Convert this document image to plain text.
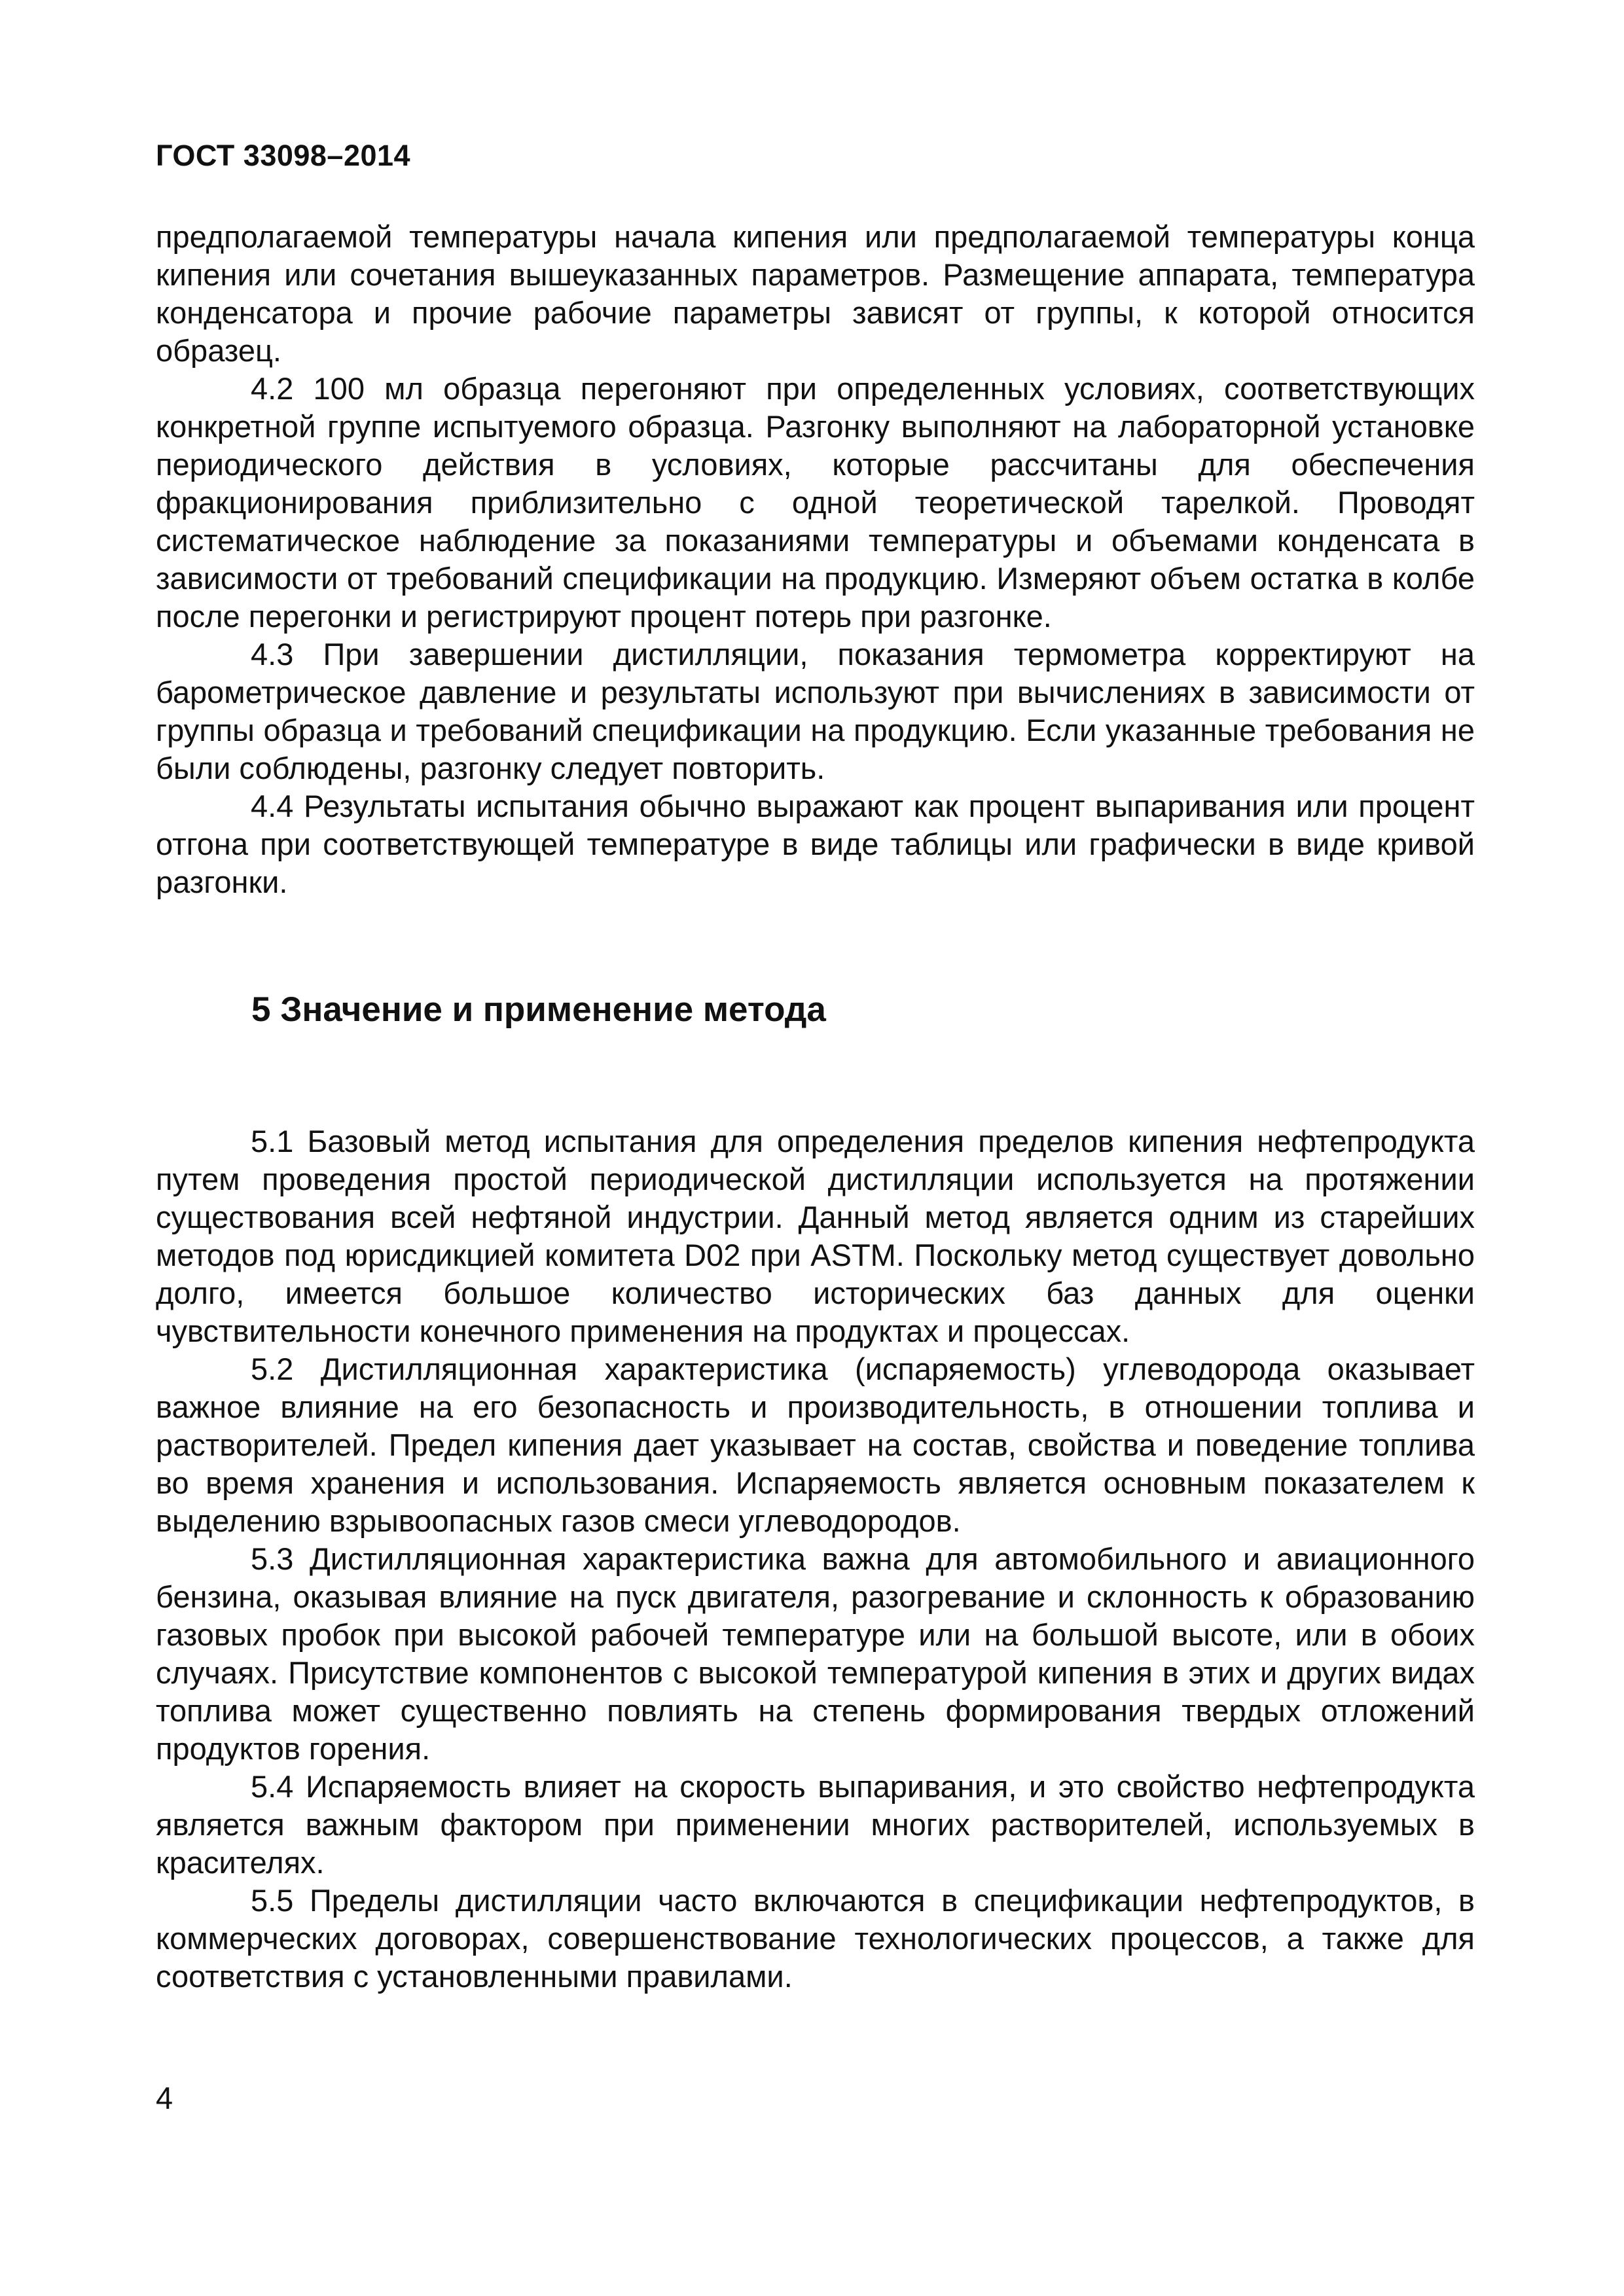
ГОСТ 33098–2014

предполагаемой температуры начала кипения или предполагаемой температуры конца кипения или сочетания вышеуказанных параметров. Размещение аппарата, температура конденсатора и прочие рабочие параметры зависят от группы, к которой относится образец.

4.2 100 мл образца перегоняют при определенных условиях, соответствующих конкретной группе испытуемого образца. Разгонку выполняют на лабораторной установке периодического действия в условиях, которые рассчитаны для обеспечения фракционирования приблизительно с одной теоретической тарелкой. Проводят систематическое наблюдение за показаниями температуры и объемами конденсата в зависимости от требований спецификации на продукцию. Измеряют объем остатка в колбе после перегонки и регистрируют процент потерь при разгонке.

4.3 При завершении дистилляции, показания термометра корректируют на барометрическое давление и результаты используют при вычислениях в зависимости от группы образца и требований спецификации на продукцию. Если указанные требования не были соблюдены, разгонку следует повторить.

4.4 Результаты испытания обычно выражают как процент выпаривания или процент отгона при соответствующей температуре в виде таблицы или графически в виде кривой разгонки.

5 Значение и применение метода

5.1 Базовый метод испытания для определения пределов кипения нефтепродукта путем проведения простой периодической дистилляции используется на протяжении существования всей нефтяной индустрии. Данный метод является одним из старейших методов под юрисдикцией комитета D02 при ASTM. Поскольку метод существует довольно долго, имеется большое количество исторических баз данных для оценки чувствительности конечного применения на продуктах и процессах.

5.2 Дистилляционная характеристика (испаряемость) углеводорода оказывает важное влияние на его безопасность и производительность, в отношении топлива и растворителей. Предел кипения дает указывает на состав, свойства и поведение топлива во время хранения и использования. Испаряемость является основным показателем к выделению взрывоопасных газов смеси углеводородов.

5.3 Дистилляционная характеристика важна для автомобильного и авиационного бензина, оказывая влияние на пуск двигателя, разогревание и склонность к образованию газовых пробок при высокой рабочей температуре или на большой высоте, или в обоих случаях. Присутствие компонентов с высокой температурой кипения в этих и других видах топлива может существенно повлиять на степень формирования твердых отложений продуктов горения.

5.4 Испаряемость влияет на скорость выпаривания, и это свойство нефтепродукта является важным фактором при применении многих растворителей, используемых в красителях.

5.5 Пределы дистилляции часто включаются в спецификации нефтепродуктов, в коммерческих договорах, совершенствование технологических процессов, а также для соответствия с установленными правилами.

4
